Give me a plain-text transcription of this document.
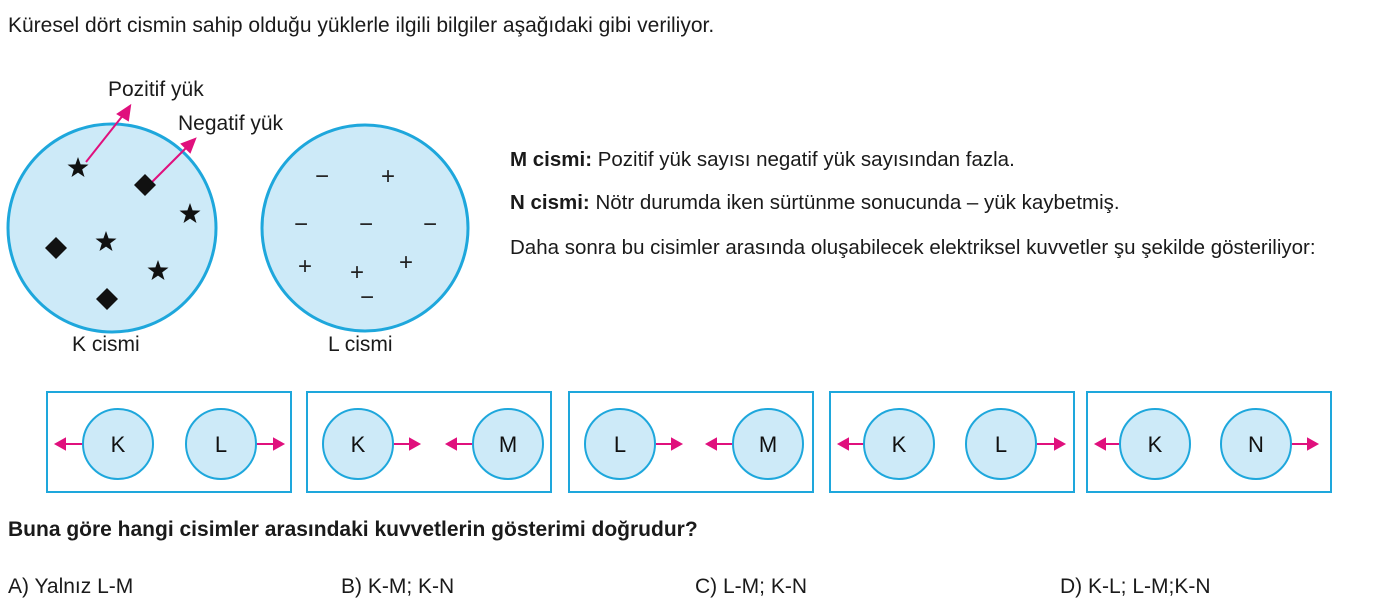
Küresel dört cismin sahip olduğu yüklerle ilgili bilgiler aşağıdaki gibi veriliyor.
Pozitif yük
Negatif yük
− +
− − −
+ + +
−
K cismi	L cismi
M cismi: Pozitif yük sayısı negatif yük sayısından fazla.
N cismi: Nötr durumda iken sürtünme sonucunda – yük kaybetmiş.
Daha sonra bu cisimler arasında oluşabilecek elektriksel kuvvetler şu şekilde gösteriliyor:
K	L	K	M	L	M	K	L	K	N
Buna göre hangi cisimler arasındaki kuvvetlerin gösterimi doğrudur?
A) Yalnız L-M	B) K-M; K-N	C) L-M; K-N	D) K-L; L-M;K-N
